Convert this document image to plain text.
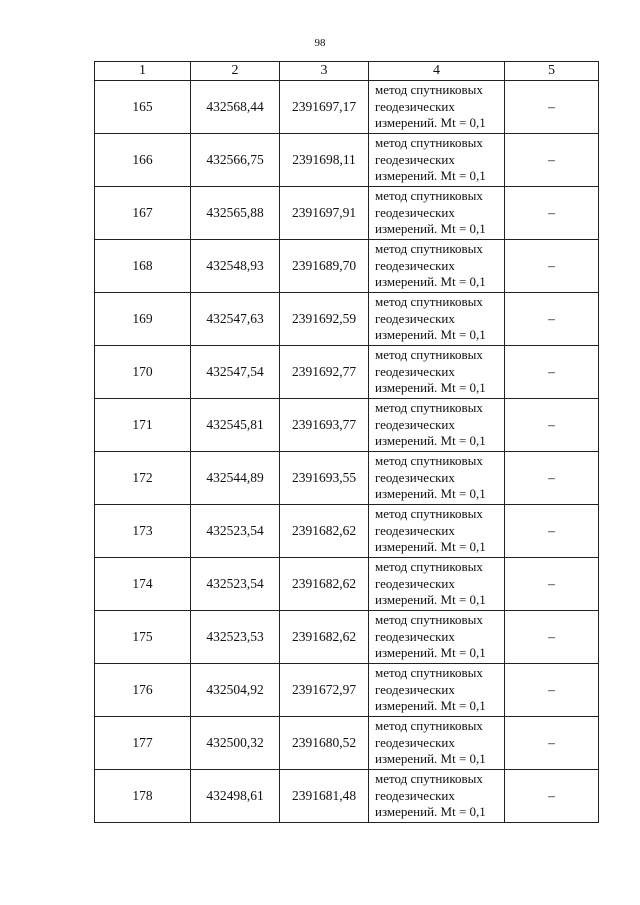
98
1	2	3	4	5
165	432568,44	2391697,17	метод спутниковых
геодезических
измерений. Mt = 0,1	–
166	432566,75	2391698,11	метод спутниковых
геодезических
измерений. Mt = 0,1	–
167	432565,88	2391697,91	метод спутниковых
геодезических
измерений. Mt = 0,1	–
168	432548,93	2391689,70	метод спутниковых
геодезических
измерений. Mt = 0,1	–
169	432547,63	2391692,59	метод спутниковых
геодезических
измерений. Mt = 0,1	–
170	432547,54	2391692,77	метод спутниковых
геодезических
измерений. Mt = 0,1	–
171	432545,81	2391693,77	метод спутниковых
геодезических
измерений. Mt = 0,1	–
172	432544,89	2391693,55	метод спутниковых
геодезических
измерений. Mt = 0,1	–
173	432523,54	2391682,62	метод спутниковых
геодезических
измерений. Mt = 0,1	–
174	432523,54	2391682,62	метод спутниковых
геодезических
измерений. Mt = 0,1	–
175	432523,53	2391682,62	метод спутниковых
геодезических
измерений. Mt = 0,1	–
176	432504,92	2391672,97	метод спутниковых
геодезических
измерений. Mt = 0,1	–
177	432500,32	2391680,52	метод спутниковых
геодезических
измерений. Mt = 0,1	–
178	432498,61	2391681,48	метод спутниковых
геодезических
измерений. Mt = 0,1	–
